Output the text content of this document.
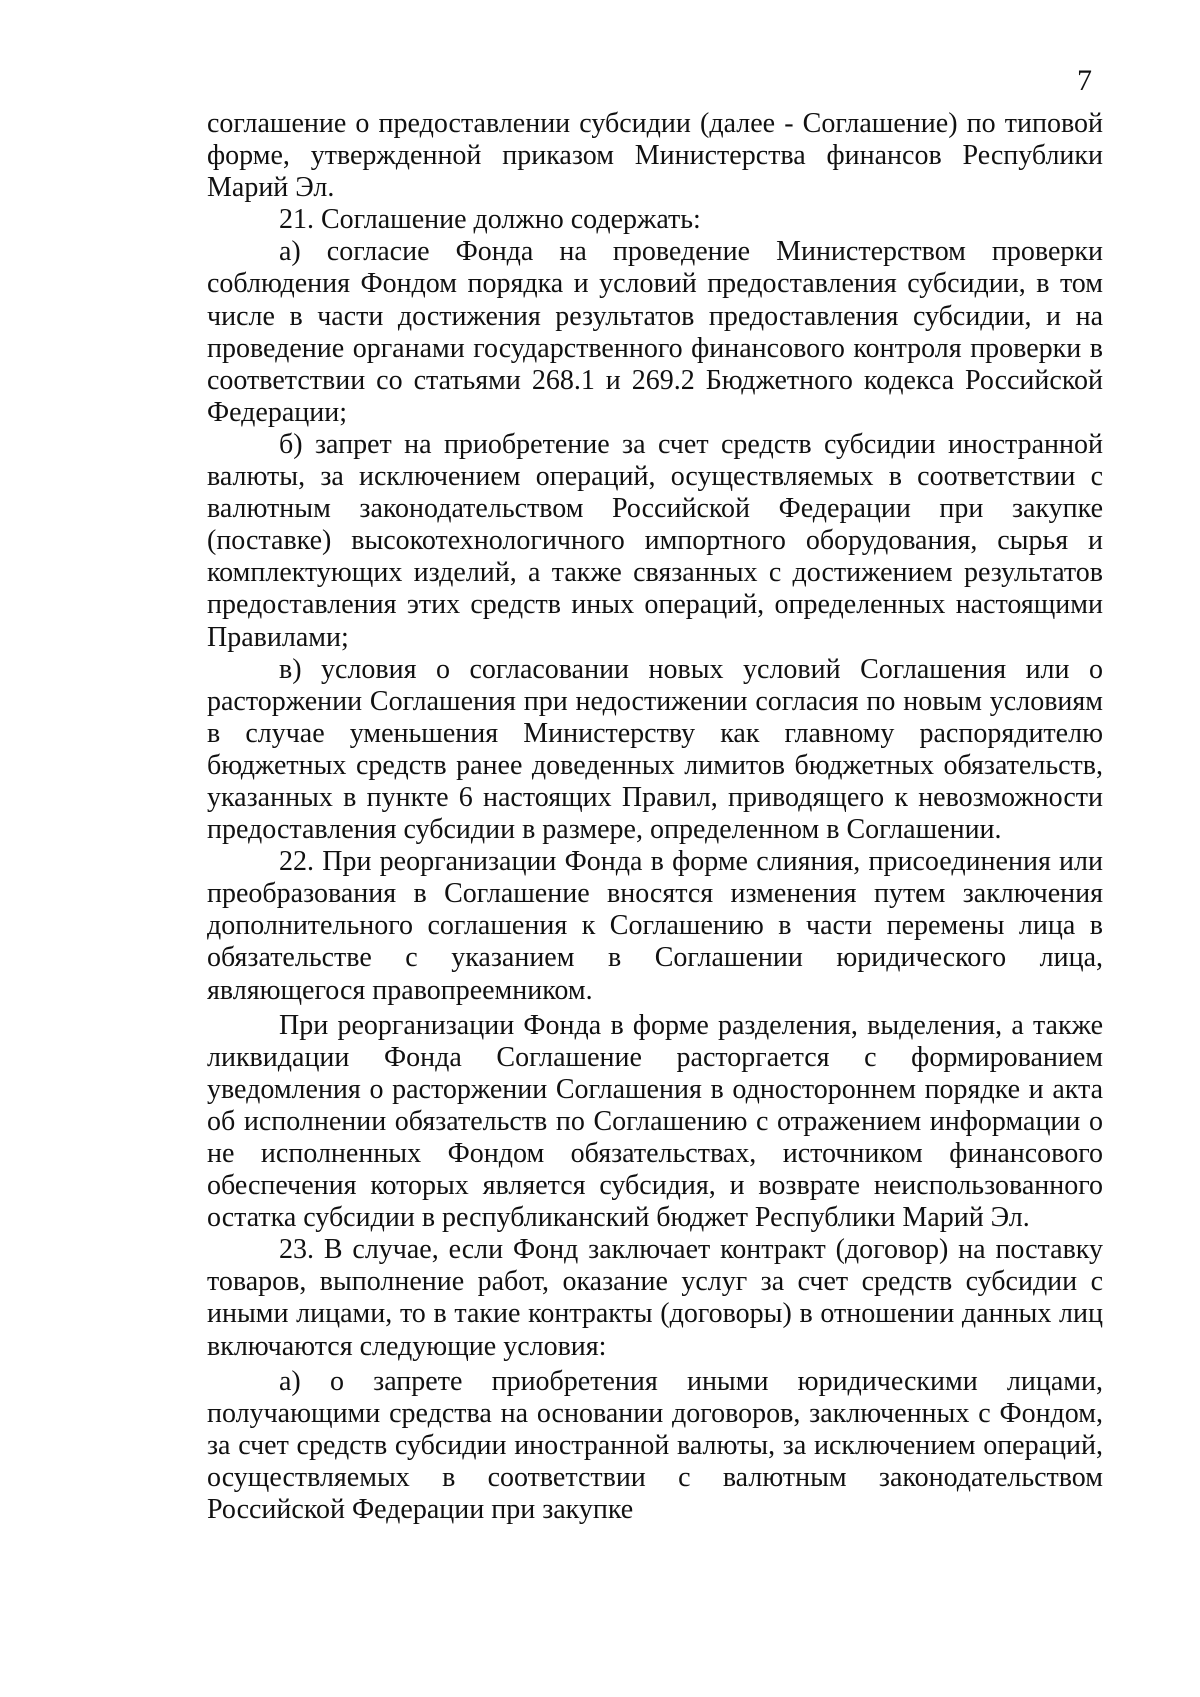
7

соглашение о предоставлении субсидии (далее - Соглашение) по типовой форме, утвержденной приказом Министерства финансов Республики Марий Эл.

21. Соглашение должно содержать:

а) согласие Фонда на проведение Министерством проверки соблюдения Фондом порядка и условий предоставления субсидии, в том числе в части достижения результатов предоставления субсидии, и на проведение органами государственного финансового контроля проверки в соответствии со статьями 268.1 и 269.2 Бюджетного кодекса Российской Федерации;

б) запрет на приобретение за счет средств субсидии иностранной валюты, за исключением операций, осуществляемых в соответствии с валютным законодательством Российской Федерации при закупке (поставке) высокотехнологичного импортного оборудования, сырья и комплектующих изделий, а также связанных с достижением результатов предоставления этих средств иных операций, определенных настоящими Правилами;

в) условия о согласовании новых условий Соглашения или о расторжении Соглашения при недостижении согласия по новым условиям в случае уменьшения Министерству как главному распорядителю бюджетных средств ранее доведенных лимитов бюджетных обязательств, указанных в пункте 6 настоящих Правил, приводящего к невозможности предоставления субсидии в размере, определенном в Соглашении.

22. При реорганизации Фонда в форме слияния, присоединения или преобразования в Соглашение вносятся изменения путем заключения дополнительного соглашения к Соглашению в части перемены лица в обязательстве с указанием в Соглашении юридического лица, являющегося правопреемником.

При реорганизации Фонда в форме разделения, выделения, а также ликвидации Фонда Соглашение расторгается с формированием уведомления о расторжении Соглашения в одностороннем порядке и акта об исполнении обязательств по Соглашению с отражением информации о не исполненных Фондом обязательствах, источником финансового обеспечения которых является субсидия, и возврате неиспользованного остатка субсидии в республиканский бюджет Республики Марий Эл.

23. В случае, если Фонд заключает контракт (договор) на поставку товаров, выполнение работ, оказание услуг за счет средств субсидии с иными лицами, то в такие контракты (договоры) в отношении данных лиц включаются следующие условия:

а) о запрете приобретения иными юридическими лицами, получающими средства на основании договоров, заключенных с Фондом, за счет средств субсидии иностранной валюты, за исключением операций, осуществляемых в соответствии с валютным законодательством Российской Федерации при закупке
